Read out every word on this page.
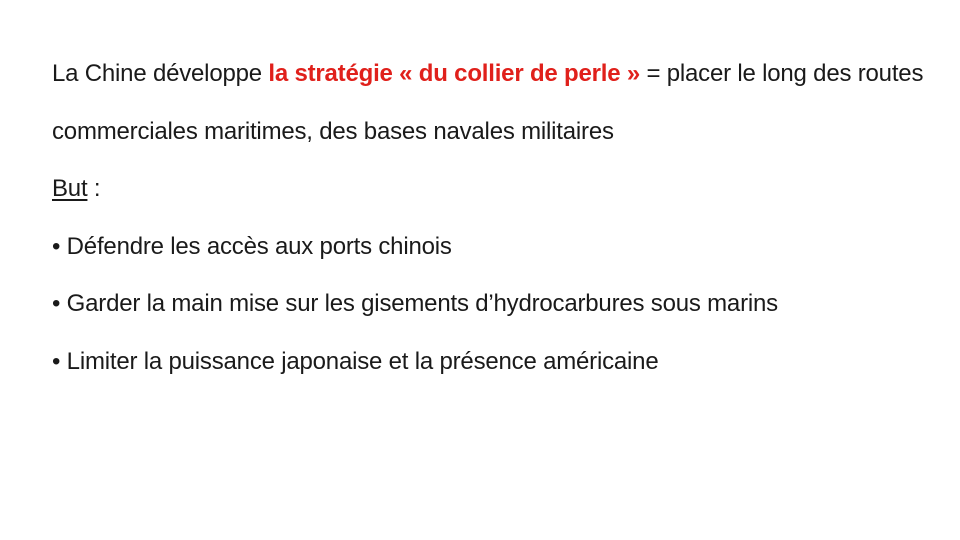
La Chine développe la stratégie « du collier de perle » = placer le long des routes commerciales maritimes, des bases navales militaires

But :

• Défendre les accès aux ports chinois

• Garder la main mise sur les gisements d’hydrocarbures sous marins

• Limiter la puissance japonaise et la présence américaine
